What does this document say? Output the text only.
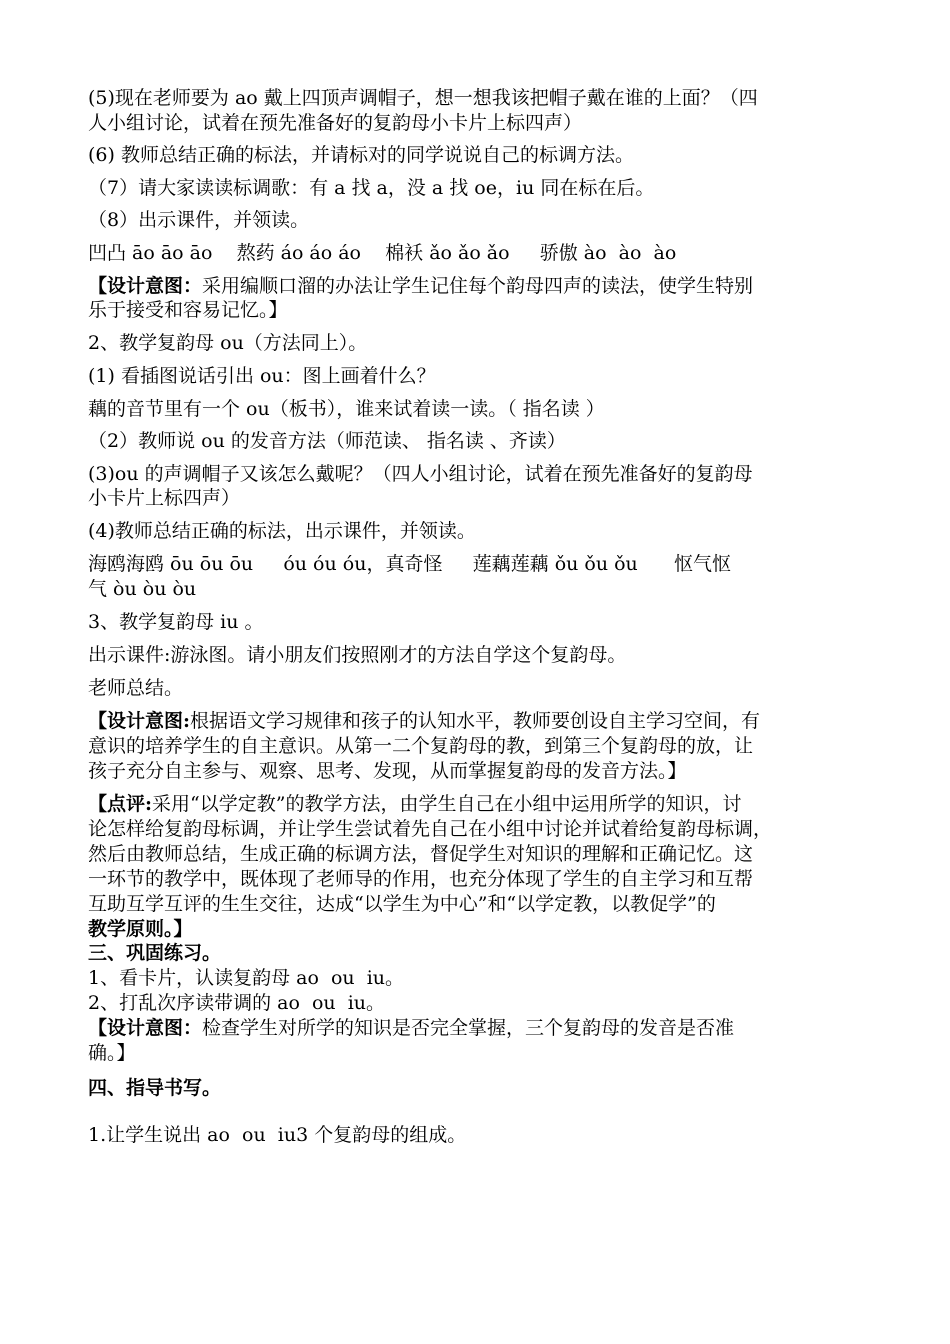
(5)现在老师要为 ao 戴上四顶声调帽子，想一想我该把帽子戴在谁的上面？（四
人小组讨论，试着在预先准备好的复韵母小卡片上标四声）
(6) 教师总结正确的标法，并请标对的同学说说自己的标调方法。
（7）请大家读读标调歌：有 a 找 a，没 a 找 oe，iu 同在标在后。
（8）出示课件，并领读。
凹凸 āo āo āo    熬药 áo áo áo    棉袄 ǎo ǎo ǎo     骄傲 ào  ào  ào
【设计意图：采用编顺口溜的办法让学生记住每个韵母四声的读法，使学生特别
乐于接受和容易记忆。】
2、教学复韵母 ou（方法同上）。
(1) 看插图说话引出 ou：图上画着什么？
藕的音节里有一个 ou（板书），谁来试着读一读。（ 指名读 ）
（2）教师说 ou 的发音方法（师范读、 指名读 、齐读）
(3)ou 的声调帽子又该怎么戴呢？（四人小组讨论，试着在预先准备好的复韵母
小卡片上标四声）
(4)教师总结正确的标法，出示课件，并领读。
海鸥海鸥 ōu ōu ōu     óu óu óu，真奇怪     莲藕莲藕 ǒu ǒu ǒu      怄气怄
气 òu òu òu
3、教学复韵母 iu 。
出示课件:游泳图。请小朋友们按照刚才的方法自学这个复韵母。
老师总结。
【设计意图:根据语文学习规律和孩子的认知水平，教师要创设自主学习空间，有
意识的培养学生的自主意识。从第一二个复韵母的教，到第三个复韵母的放，让
孩子充分自主参与、观察、思考、发现，从而掌握复韵母的发音方法。】
【点评:采用“以学定教”的教学方法，由学生自己在小组中运用所学的知识，讨
论怎样给复韵母标调，并让学生尝试着先自己在小组中讨论并试着给复韵母标调，
然后由教师总结，生成正确的标调方法，督促学生对知识的理解和正确记忆。这
一环节的教学中，既体现了老师导的作用，也充分体现了学生的自主学习和互帮
互助互学互评的生生交往，达成“以学生为中心”和“以学定教，以教促学”的
教学原则。】
三、巩固练习。
1、看卡片，认读复韵母 ao  ou  iu。
2、打乱次序读带调的 ao  ou  iu。
【设计意图：检查学生对所学的知识是否完全掌握，三个复韵母的发音是否准
确。】
四、指导书写。
1.让学生说出 ao  ou  iu3 个复韵母的组成。
